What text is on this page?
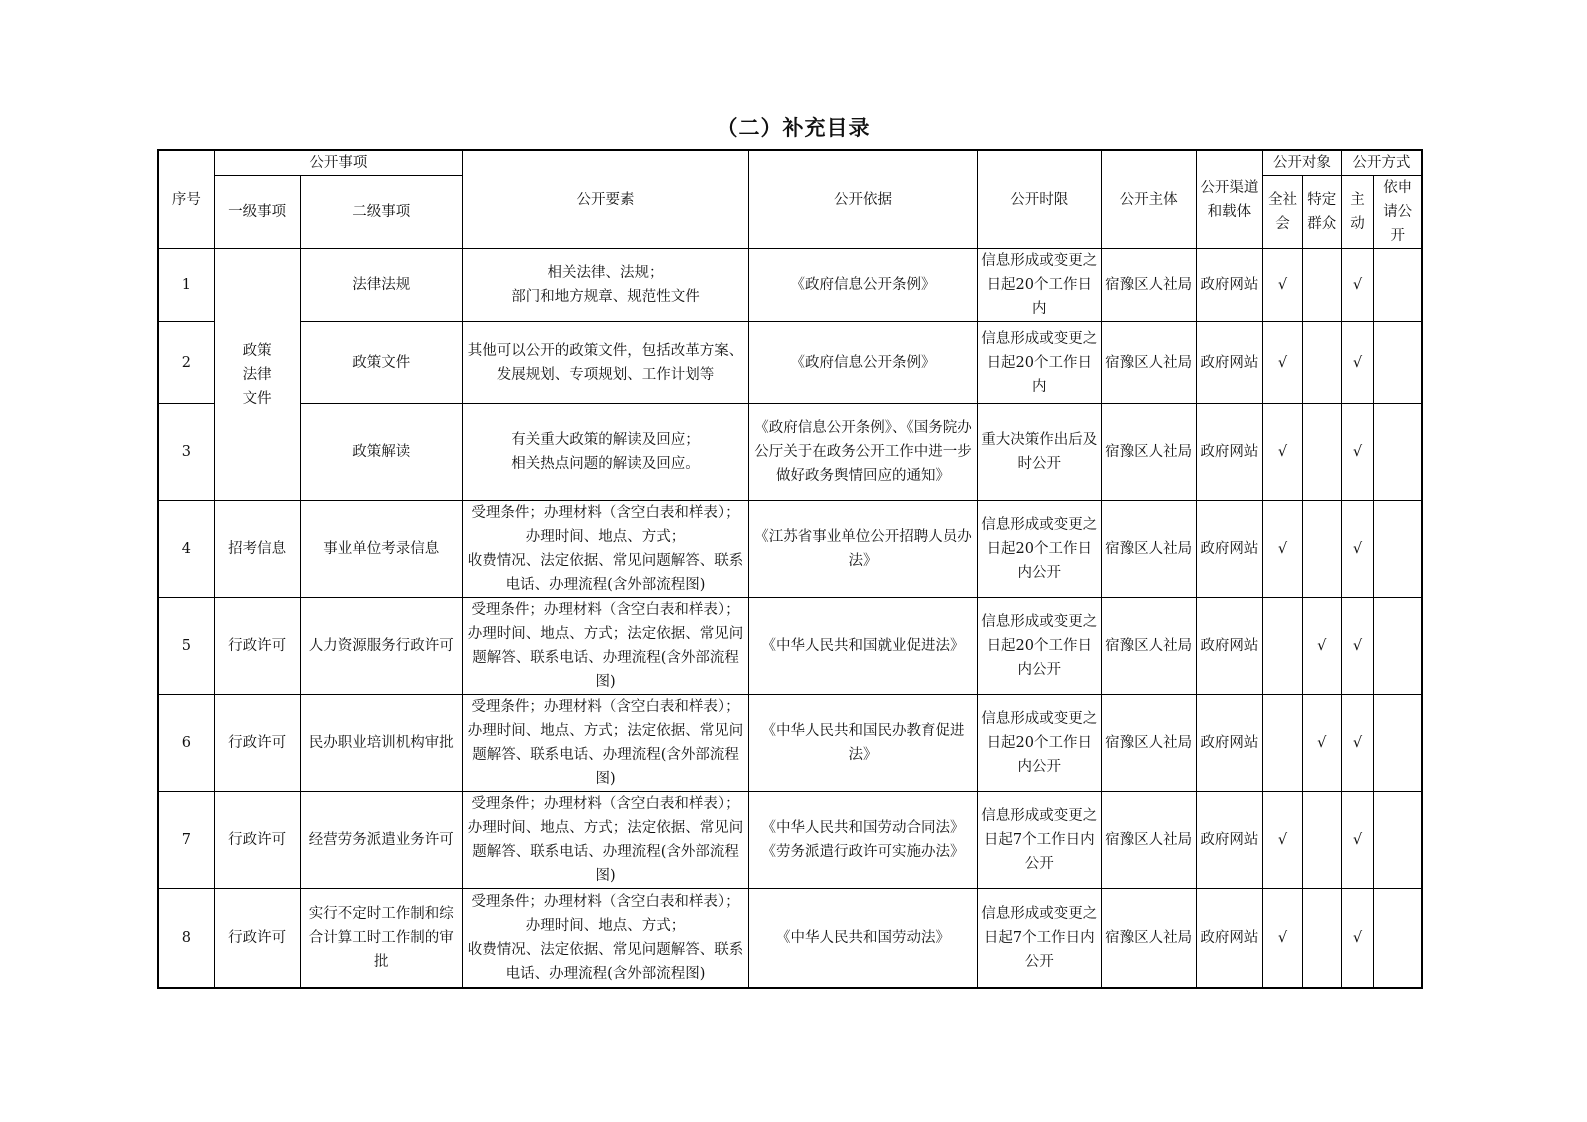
（二）补充目录
序号	公开事项		公开要素	公开依据	公开时限	公开主体	公开渠道和载体	公开对象		公开方式	
	一级事项	二级事项						全社会	特定群众	主动	依申请公开
1	政策法律文件	法律法规	相关法律、法规；
部门和地方规章、规范性文件	《政府信息公开条例》	信息形成或变更之日起20个工作日内	宿豫区人社局	政府网站	√		√	
2		政策文件	其他可以公开的政策文件，包括改革方案、发展规划、专项规划、工作计划等	《政府信息公开条例》	信息形成或变更之日起20个工作日内	宿豫区人社局	政府网站	√		√	
3		政策解读	有关重大政策的解读及回应；
相关热点问题的解读及回应。	《政府信息公开条例》、《国务院办公厅关于在政务公开工作中进一步做好政务舆情回应的通知》	重大决策作出后及时公开	宿豫区人社局	政府网站	√		√	
4	招考信息	事业单位考录信息	受理条件；办理材料（含空白表和样表）；
办理时间、地点、方式；
收费情况、法定依据、常见问题解答、联系电话、办理流程(含外部流程图)	《江苏省事业单位公开招聘人员办法》	信息形成或变更之日起20个工作日内公开	宿豫区人社局	政府网站	√		√	
5	行政许可	人力资源服务行政许可	受理条件；办理材料（含空白表和样表）；办理时间、地点、方式；法定依据、常见问题解答、联系电话、办理流程(含外部流程图)	《中华人民共和国就业促进法》	信息形成或变更之日起20个工作日内公开	宿豫区人社局	政府网站		√	√	
6	行政许可	民办职业培训机构审批	受理条件；办理材料（含空白表和样表）；办理时间、地点、方式；法定依据、常见问题解答、联系电话、办理流程(含外部流程图)	《中华人民共和国民办教育促进法》	信息形成或变更之日起20个工作日内公开	宿豫区人社局	政府网站		√	√	
7	行政许可	经营劳务派遣业务许可	受理条件；办理材料（含空白表和样表）；办理时间、地点、方式；法定依据、常见问题解答、联系电话、办理流程(含外部流程图)	《中华人民共和国劳动合同法》
《劳务派遣行政许可实施办法》	信息形成或变更之日起7个工作日内公开	宿豫区人社局	政府网站	√		√	
8	行政许可	实行不定时工作制和综合计算工时工作制的审批	受理条件；办理材料（含空白表和样表）；
办理时间、地点、方式；
收费情况、法定依据、常见问题解答、联系电话、办理流程(含外部流程图)	《中华人民共和国劳动法》	信息形成或变更之日起7个工作日内公开	宿豫区人社局	政府网站	√		√	
